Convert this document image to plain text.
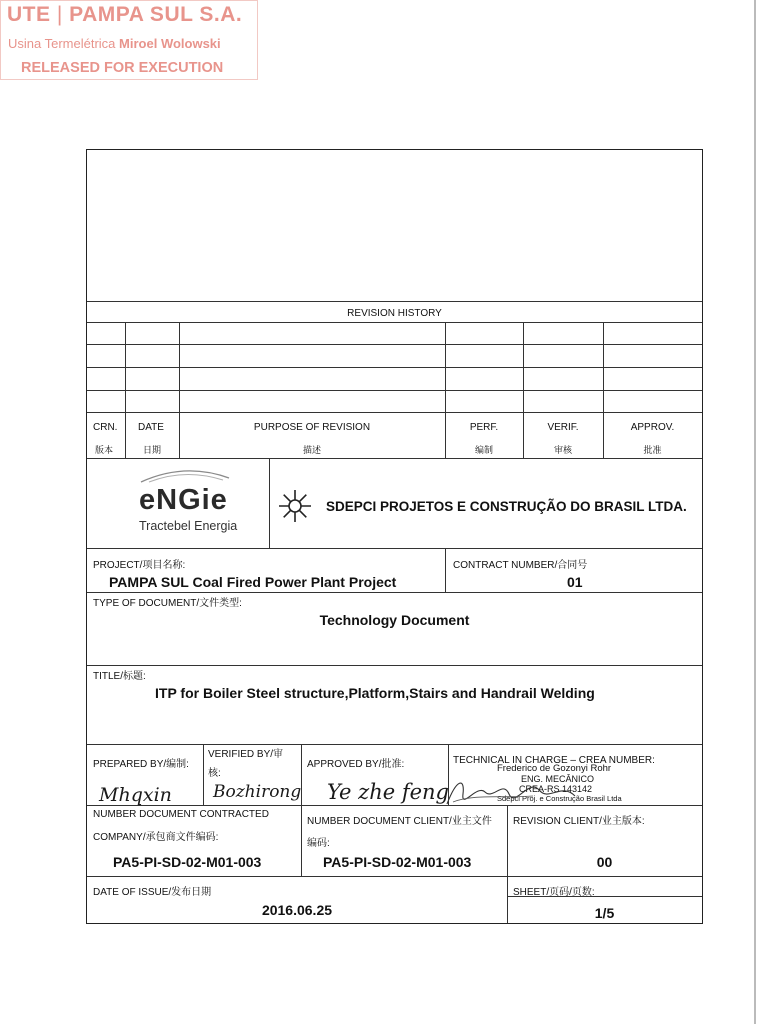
UTE | PAMPA SUL S.A.
Usina Termelétrica Miroel Wolowski
RELEASED FOR EXECUTION
REVISION HISTORY
CRN.
版本
DATE
日期
PURPOSE OF REVISION
描述
PERF.
编制
VERIF.
审核
APPROV.
批准
eNGie
Tractebel Energia
SDEPCI PROJETOS E CONSTRUÇÃO DO BRASIL LTDA.
PROJECT/项目名称:
PAMPA SUL Coal Fired Power Plant Project
CONTRACT NUMBER/合同号
01
TYPE OF DOCUMENT/文件类型:
Technology Document
TITLE/标题:
ITP for Boiler Steel structure,Platform,Stairs and Handrail Welding
PREPARED BY/编制:
Mhqxin
VERIFIED BY/审
核:
Bozhirong
APPROVED BY/批准:
Ye zhe feng
TECHNICAL IN CHARGE – CREA NUMBER:
Frederico de Gozonyi Rohr
ENG. MECÂNICO
CREA-RS 143142
Sdepci Proj. e Construção Brasil Ltda
NUMBER DOCUMENT CONTRACTED
COMPANY/承包商文件编码:
PA5-PI-SD-02-M01-003
NUMBER DOCUMENT CLIENT/业主文件
编码:
PA5-PI-SD-02-M01-003
REVISION CLIENT/业主版本:
00
DATE OF ISSUE/发布日期
2016.06.25
SHEET/页码/页数:
1/5
